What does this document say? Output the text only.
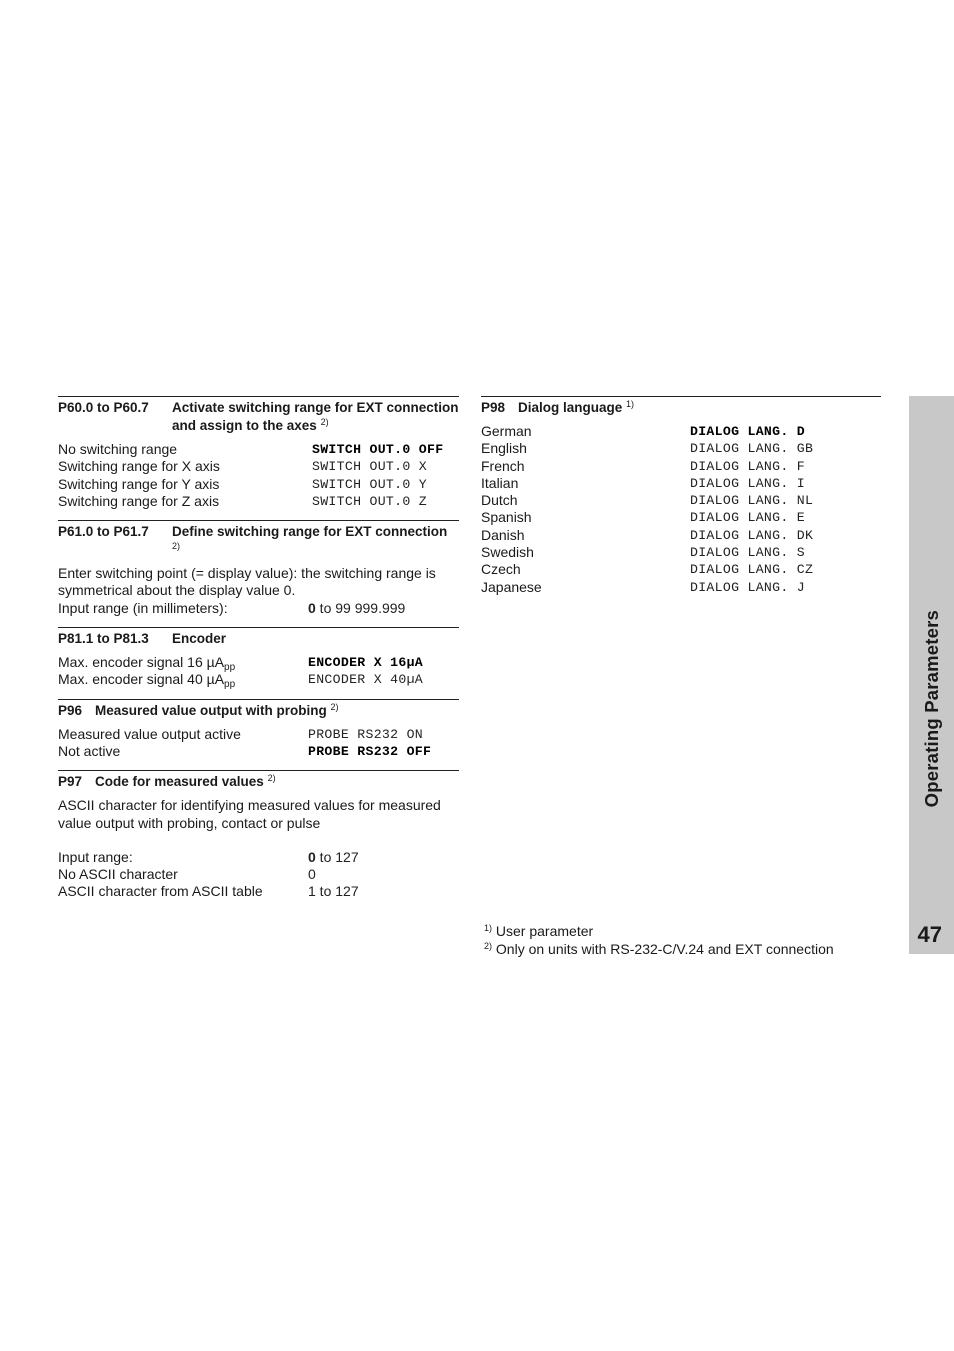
P60.0 to P60.7	Activate switching range for EXT connection and assign to the axes $^{2)}$
No switching range	SWITCH OUT.0 OFF
Switching range for X axis	SWITCH OUT.0 X
Switching range for Y axis	SWITCH OUT.0 Y
Switching range for Z axis	SWITCH OUT.0 Z
P61.0 to P61.7	Define switching range for EXT connection $^{2)}$
Enter switching point (= display value): the switching range is symmetrical about the display value 0.
Input range (in millimeters):	0 to 99 999.999
P81.1 to P81.3	Encoder
Max. encoder signal 16 µA$_{pp}$	ENCODER X 16µA
Max. encoder signal 40 µA$_{pp}$	ENCODER X 40µA
P96 Measured value output with probing $^{2)}$
Measured value output active	PROBE RS232 ON
Not active	PROBE RS232 OFF
P97 Code for measured values $^{2)}$
ASCII character for identifying measured values for measured value output with probing, contact or pulse
Input range:	0 to 127
No ASCII character	0
ASCII character from ASCII table	1 to 127
P98 Dialog language $^{1)}$
German	DIALOG LANG. D
English	DIALOG LANG. GB
French	DIALOG LANG. F
Italian	DIALOG LANG. I
Dutch	DIALOG LANG. NL
Spanish	DIALOG LANG. E
Danish	DIALOG LANG. DK
Swedish	DIALOG LANG. S
Czech	DIALOG LANG. CZ
Japanese	DIALOG LANG. J
$^{1)}$ User parameter
$^{2)}$ Only on units with RS-232-C/V.24 and EXT connection
Operating Parameters
47
